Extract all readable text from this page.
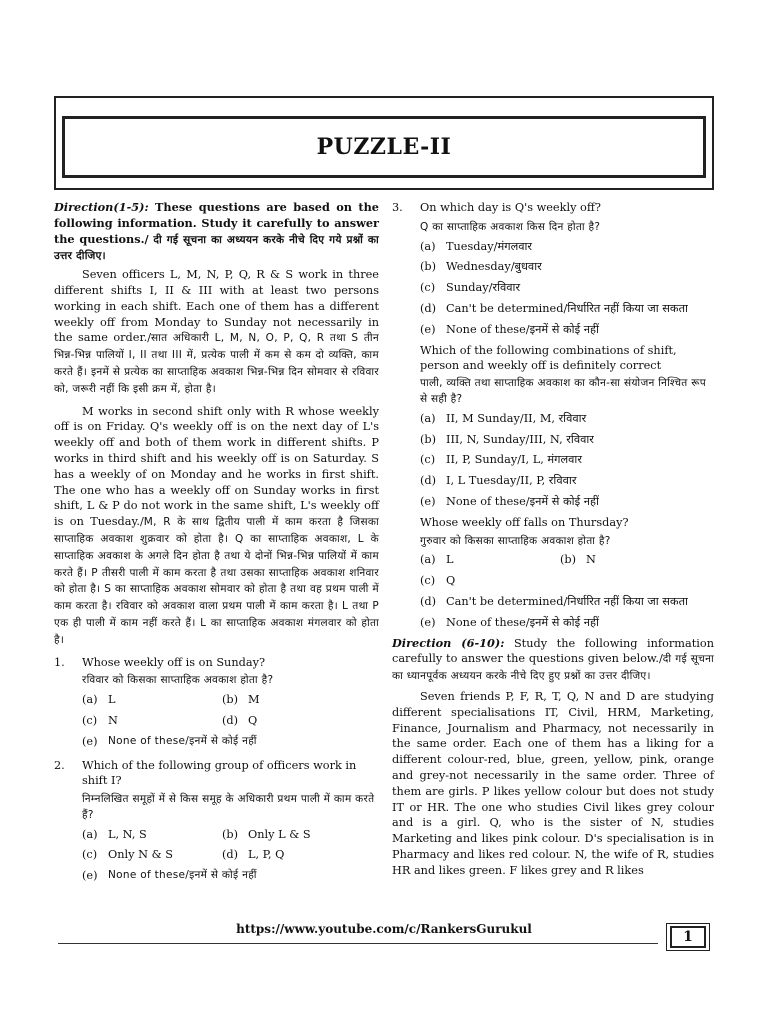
PUZZLE-II

Direction(1-5): These questions are based on the following information. Study it carefully to answer the questions./ दी गई सूचना का अध्ययन करके नीचे दिए गये प्रश्नों का उत्तर दीजिए।

Seven officers L, M, N, P, Q, R & S work in three different shifts I, II & III with at least two persons working in each shift. Each one of them has a different weekly off from Monday to Sunday not necessarily in the same order./सात अधिकारी L, M, N, O, P, Q, R तथा S तीन भिन्न-भिन्न पालियों I, II तथा III में, प्रत्येक पाली में कम से कम दो व्यक्ति, काम करते हैं। इनमें से प्रत्येक का साप्ताहिक अवकाश भिन्न-भिन्न दिन सोमवार से रविवार को, जरूरी नहीं कि इसी क्रम में, होता है।

M works in second shift only with R whose weekly off is on Friday. Q's weekly off is on the next day of L's weekly off and both of them work in different shifts. P works in third shift and his weekly off is on Saturday. S has a weekly of on Monday and he works in first shift. The one who has a weekly off on Sunday works in first shift, L & P do not work in the same shift, L's weekly off is on Tuesday./M, R के साथ द्वितीय पाली में काम करता है जिसका साप्ताहिक अवकाश शुक्रवार को होता है। Q का साप्ताहिक अवकाश, L के साप्ताहिक अवकाश के अगले दिन होता है तथा ये दोनों भिन्न-भिन्न पालियों में काम करते हैं। P तीसरी पाली में काम करता है तथा उसका साप्ताहिक अवकाश शनिवार को होता है। S का साप्ताहिक अवकाश सोमवार को होता है तथा वह प्रथम पाली में काम करता है। रविवार को अवकाश वाला प्रथम पाली में काम करता है। L तथा P एक ही पाली में काम नहीं करते हैं। L का साप्ताहिक अवकाश मंगलवार को होता है।

1.	Whose weekly off is on Sunday?
रविवार को किसका साप्ताहिक अवकाश होता है?
(a) L	(b) M
(c) N	(d) Q
(e) None of these/इनमें से कोई नहीं
2.	Which of the following group of officers work in shift I?
निम्नलिखित समूहों में से किस समूह के अधिकारी प्रथम पाली में काम करते हैं?
(a) L, N, S	(b) Only L & S
(c) Only N & S	(d) L, P, Q
(e) None of these/इनमें से कोई नहीं
3.	On which day is Q's weekly off?
Q का साप्ताहिक अवकाश किस दिन होता है?
(a) Tuesday/मंगलवार
(b) Wednesday/बुधवार
(c) Sunday/रविवार
(d) Can't be determined/निर्धारित नहीं किया जा सकता
(e) None of these/इनमें से कोई नहीं
Which of the following combinations of shift, person and weekly off is definitely correct
पाली, व्यक्ति तथा साप्ताहिक अवकाश का कौन-सा संयोजन निश्चित रूप से सही है?
(a) II, M Sunday/II, M, रविवार
(b) III, N, Sunday/III, N, रविवार
(c) II, P, Sunday/I, L, मंगलवार
(d) I, L Tuesday/II, P, रविवार
(e) None of these/इनमें से कोई नहीं
Whose weekly off falls on Thursday?
गुरुवार को किसका साप्ताहिक अवकाश होता है?
(a) L	(b) N
(c) Q
(d) Can't be determined/निर्धारित नहीं किया जा सकता
(e) None of these/इनमें से कोई नहीं

Direction (6-10): Study the following information carefully to answer the questions given below./दी गई सूचना का ध्यानपूर्वक अध्ययन करके नीचे दिए हुए प्रश्नों का उत्तर दीजिए।

Seven friends P, F, R, T, Q, N and D are studying different specialisations IT, Civil, HRM, Marketing, Finance, Journalism and Pharmacy, not necessarily in the same order. Each one of them has a liking for a different colour-red, blue, green, yellow, pink, orange and grey-not necessarily in the same order. Three of them are girls. P likes yellow colour but does not study IT or HR. The one who studies Civil likes grey colour and is a girl. Q, who is the sister of N, studies Marketing and likes pink colour. D's specialisation is in Pharmacy and likes red colour. N, the wife of R, studies HR and likes green. F likes grey and R likes

https://www.youtube.com/c/RankersGurukul	1
